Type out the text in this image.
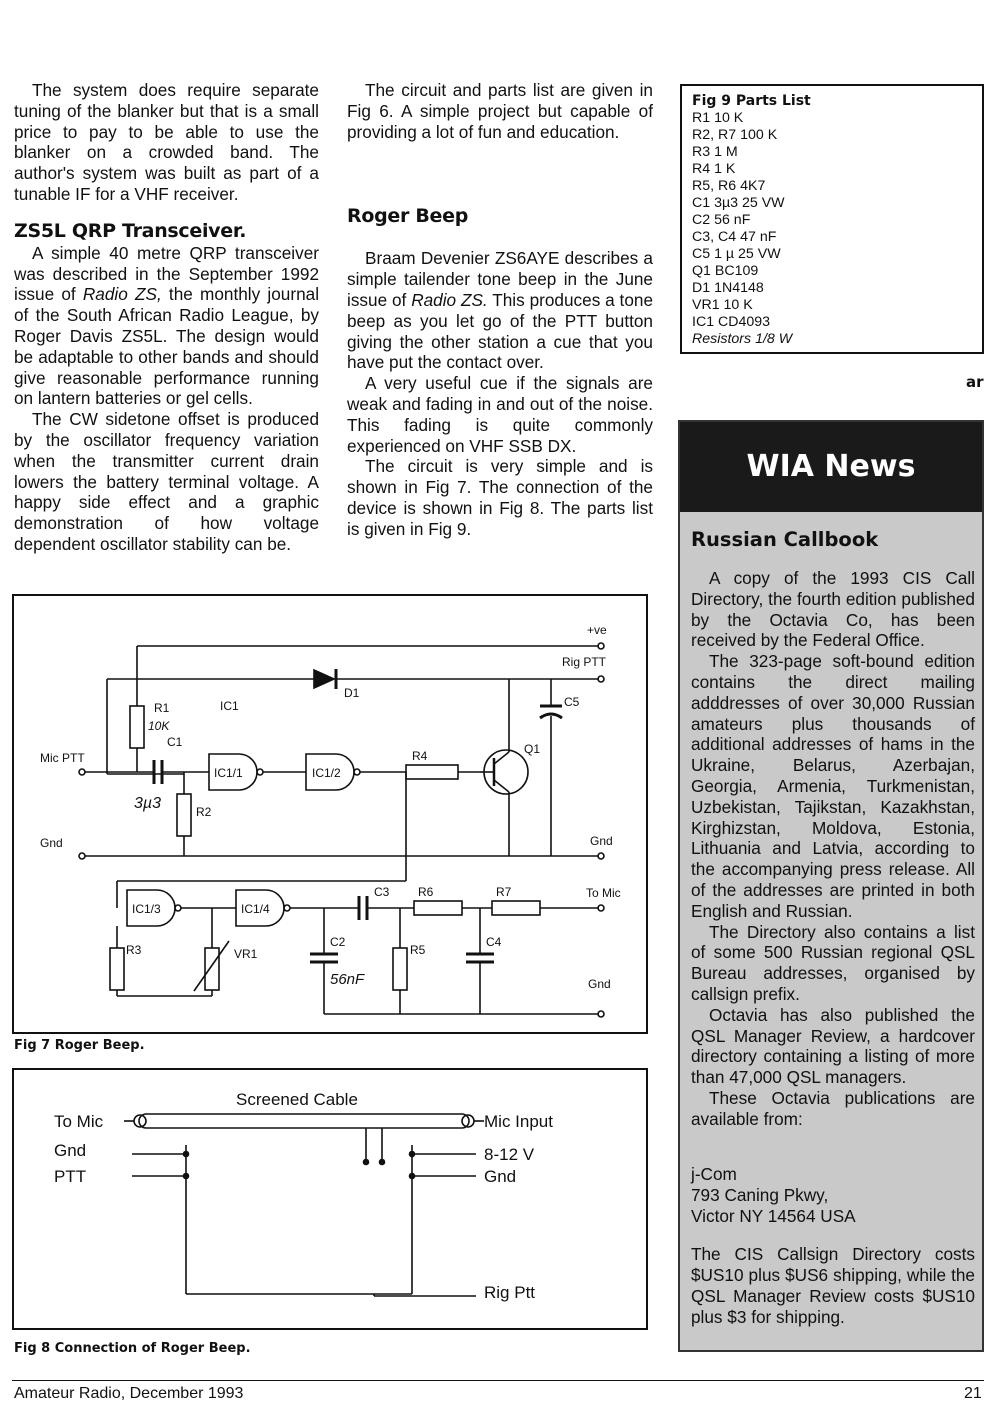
The system does require separate tuning of the blanker but that is a small price to pay to be able to use the blanker on a crowded band. The author's system was built as part of a tunable IF for a VHF receiver.

ZS5L QRP Transceiver.

A simple 40 metre QRP transceiver was described in the September 1992 issue of Radio ZS, the monthly journal of the South African Radio League, by Roger Davis ZS5L. The design would be adaptable to other bands and should give reasonable performance running on lantern batteries or gel cells.

The CW sidetone offset is produced by the oscillator frequency variation when the transmitter current drain lowers the battery terminal voltage. A happy side effect and a graphic demonstration of how voltage dependent oscillator stability can be.

The circuit and parts list are given in Fig 6. A simple project but capable of providing a lot of fun and education.

Roger Beep

Braam Devenier ZS6AYE describes a simple tailender tone beep in the June issue of Radio ZS. This produces a tone beep as you let go of the PTT button giving the other station a cue that you have put the contact over.

A very useful cue if the signals are weak and fading in and out of the noise. This fading is quite commonly experienced on VHF SSB DX.

The circuit is very simple and is shown in Fig 7. The connection of the device is shown in Fig 8. The parts list is given in Fig 9.

Fig 9 Parts List
R1 10 K
R2, R7 100 K
R3 1 M
R4 1 K
R5, R6 4K7
C1 3µ3 25 VW
C2 56 nF
C3, C4 47 nF
C5 1 µ 25 VW
Q1 BC109
D1 1N4148
VR1 10 K
IC1 CD4093
Resistors 1/8 W
ar
WIA News
Russian Callbook

A copy of the 1993 CIS Call Directory, the fourth edition published by the Octavia Co, has been received by the Federal Office.

The 323-page soft-bound edition contains the direct mailing adddresses of over 30,000 Russian amateurs plus thousands of additional addresses of hams in the Ukraine, Belarus, Azerbajan, Georgia, Armenia, Turkmenistan, Uzbekistan, Tajikstan, Kazakhstan, Kirghizstan, Moldova, Estonia, Lithuania and Latvia, according to the accompanying press release. All of the addresses are printed in both English and Russian.

The Directory also contains a list of some 500 Russian regional QSL Bureau addresses, organised by callsign prefix.

Octavia has also published the QSL Manager Review, a hardcover directory containing a listing of more than 47,000 QSL managers.

These Octavia publications are available from:

j-Com
793 Caning Pkwy,
Victor NY 14564 USA
The CIS Callsign Directory costs $US10 plus $US6 shipping, while the QSL Manager Review costs $US10 plus $3 for shipping.
+ve
Rig PTT
Mic PTT
Gnd	Gnd
To Mic
Gnd
R1
10K
C1
3µ3
IC1
IC1/1	IC1/2
IC1/3	IC1/4
D1
R2
R4	Q1
C5
R3	VR1
C2
56nF
C3 R6	R7
R5
C4
Fig 7 Roger Beep.
Screened Cable
To Mic
Gnd
PTT
Mic Input
8-12 V
Gnd
Rig Ptt
Fig 8 Connection of Roger Beep.
Amateur Radio, December 1993	21
